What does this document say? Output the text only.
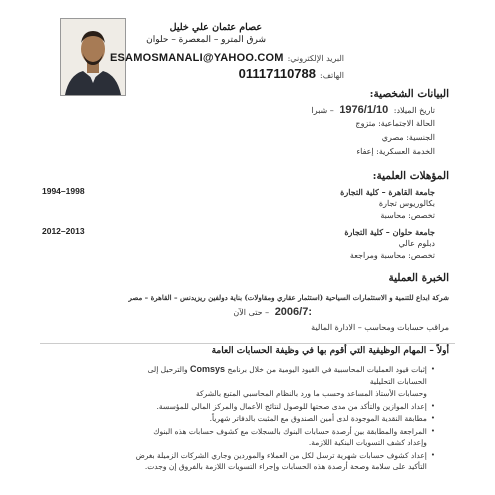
عصام عثمان علي خليل
شرق المترو – المعصرة – حلوان
البريد الإلكتروني:
ESAMOSMANALI@YAHOO.COM
الهاتف:
01117110788
البيانات الشخصية:
تاريخ الميلاد: 1976/1/10 – شبرا
الحالة الاجتماعية: متزوج
الجنسية: مصري
الخدمة العسكرية: إعفاء
المؤهلات العلمية:
جامعة القاهرة – كلية التجارة
1994–1998
بكالوريوس تجارة
تخصص: محاسبة
جامعة حلوان – كلية التجارة
2012–2013
دبلوم عالي
تخصص: محاسبة ومراجعة
الخبرة العملية
شركة ابداع للتنمية و الاستثمارات السياحية (استثمار عقاري ومقاولات) بناية دولفين ريزيدنس – القاهرة – مصر
2006/7: – حتى الآن
مراقب حسابات ومحاسب – الادارة المالية
أولاً – المهام الوظيفية التي أقوم بها في وظيفة الحسابات العامة
•
إثبات قيود العمليات المحاسبية في القيود اليومية من خلال برنامج Comsys والترحيل إلى الحسابات التحليلية
وحسابات الأستاذ المساعد وحسب ما ورد بالنظام المحاسبي المتبع بالشركة
•
إعداد الموازين والتأكد من مدى صحتها للوصول لنتائج الأعمال والمركز المالي للمؤسسة.
•
مطابقة النقدية الموجودة لدى أمين الصندوق مع المثبت بالدفاتر شهرياً.
•
المراجعة والمطابقة بين أرصدة حسابات البنوك بالسجلات مع كشوف حسابات هذه البنوك وإعداد كشف التسويات البنكية اللازمة.
•
إعداد كشوف حسابات شهرية ترسل لكل من العملاء والموردين وجاري الشركات الزميلة بغرض التأكيد على سلامة وصحة أرصدة هذه الحسابات وإجراء التسويات اللازمة بالفروق إن وجدت.
